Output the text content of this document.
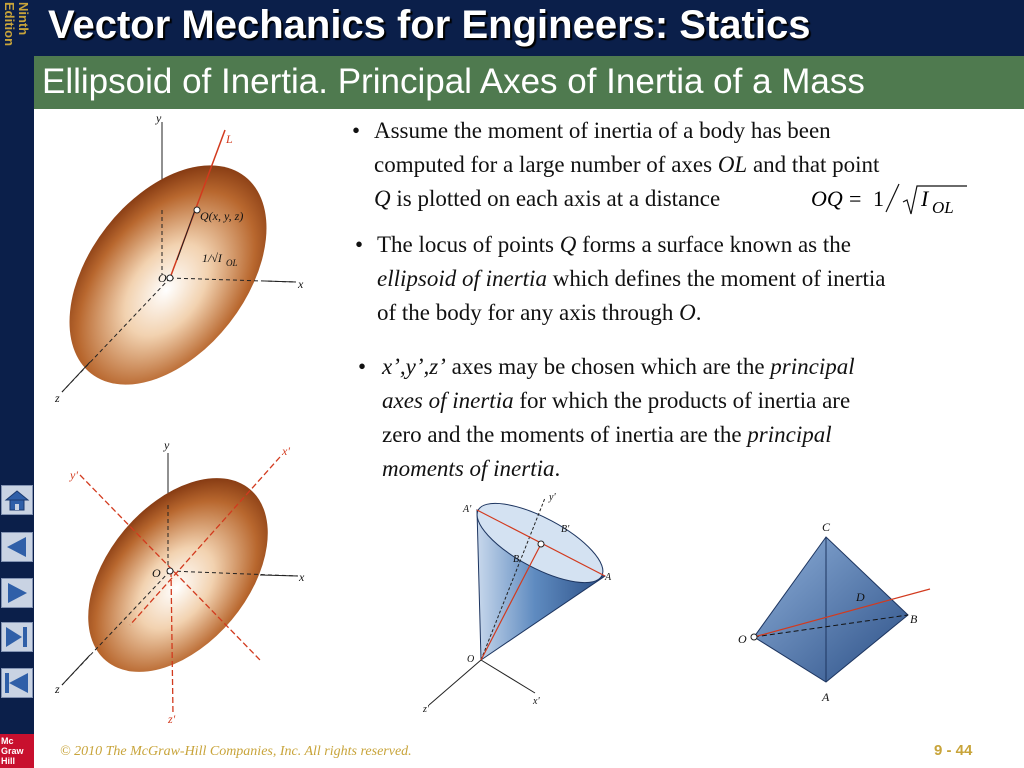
Ninth
Edition Vector Mechanics for Engineers: Statics
Ellipsoid of Inertia. Principal Axes of Inertia of a Mass
• Assume the moment of inertia of a body has been
computed for a large number of axes OL and that point
Q is plotted on each axis at a distance	OQ = 1 I OL
• The locus of points Q forms a surface known as the
ellipsoid of inertia which defines the moment of inertia
of the body for any axis through O.
• x’,y’,z’ axes may be chosen which are the principal
axes of inertia for which the products of inertia are
zero and the moments of inertia are the principal
moments of inertia.
y
x
z
O
L
Q(x, y, z)
1/√I OL
y
x
z
O
y'
x'
z'
A'
y'
B'
B
A
O
z'
x'
C
D
B
O
A
Mc
Graw
Hill
© 2010 The McGraw-Hill Companies, Inc. All rights reserved.	9 - 44
